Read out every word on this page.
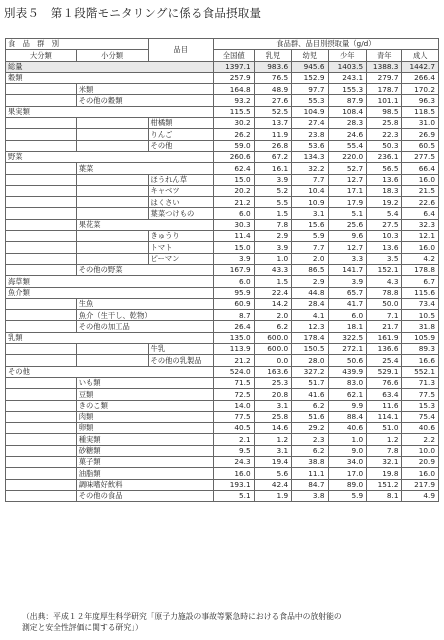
別表５　第１段階モニタリングに係る食品摂取量
食　品　群　別		品目	食品群、品目別摂取量（g/d）					
大分類	小分類		全国値	乳児	幼児	少年	青年	成人
総量			1397.1	983.6	945.6	1403.5	1388.3	1442.7
穀類			257.9	76.5	152.9	243.1	279.7	266.4
	米類		164.8	48.9	97.7	155.3	178.7	170.2
	その他の穀類		93.2	27.6	55.3	87.9	101.1	96.3
果実類			115.5	52.5	104.9	108.4	98.5	118.5
		柑橘類	30.2	13.7	27.4	28.3	25.8	31.0
		りんご	26.2	11.9	23.8	24.6	22.3	26.9
		その他	59.0	26.8	53.6	55.4	50.3	60.5
野菜			260.6	67.2	134.3	220.0	236.1	277.5
	葉菜		62.4	16.1	32.2	52.7	56.5	66.4
		ほうれん草	15.0	3.9	7.7	12.7	13.6	16.0
		キャベツ	20.2	5.2	10.4	17.1	18.3	21.5
		はくさい	21.2	5.5	10.9	17.9	19.2	22.6
		葉菜つけもの	6.0	1.5	3.1	5.1	5.4	6.4
	果花菜		30.3	7.8	15.6	25.6	27.5	32.3
		きゅうり	11.4	2.9	5.9	9.6	10.3	12.1
		トマト	15.0	3.9	7.7	12.7	13.6	16.0
		ピーマン	3.9	1.0	2.0	3.3	3.5	4.2
	その他の野菜		167.9	43.3	86.5	141.7	152.1	178.8
海草類			6.0	1.5	2.9	3.9	4.3	6.7
魚介類			95.9	22.4	44.8	65.7	78.8	115.6
	生魚		60.9	14.2	28.4	41.7	50.0	73.4
	魚介（生干し、乾物）		8.7	2.0	4.1	6.0	7.1	10.5
	その他の加工品		26.4	6.2	12.3	18.1	21.7	31.8
乳類			135.0	600.0	178.4	322.5	161.9	105.9
		牛乳	113.9	600.0	150.5	272.1	136.6	89.3
		その他の乳製品	21.2	0.0	28.0	50.6	25.4	16.6
その他			524.0	163.6	327.2	439.9	529.1	552.1
	いも類		71.5	25.3	51.7	83.0	76.6	71.3
	豆類		72.5	20.8	41.6	62.1	63.4	77.5
	きのこ類		14.0	3.1	6.2	9.9	11.6	15.3
	肉類		77.5	25.8	51.6	88.4	114.1	75.4
	卵類		40.5	14.6	29.2	40.6	51.0	40.6
	種実類		2.1	1.2	2.3	1.0	1.2	2.2
	砂糖類		9.5	3.1	6.2	9.0	7.8	10.0
	菓子類		24.3	19.4	38.8	34.0	32.1	20.9
	油脂類		16.0	5.6	11.1	17.0	19.8	16.0
	調味嗜好飲料		193.1	42.4	84.7	89.0	151.2	217.9
	その他の食品		5.1	1.9	3.8	5.9	8.1	4.9
（出典：平成１２年度厚生科学研究「原子力施設の事故等緊急時における食品中の放射能の
測定と安全性評価に関する研究」）
